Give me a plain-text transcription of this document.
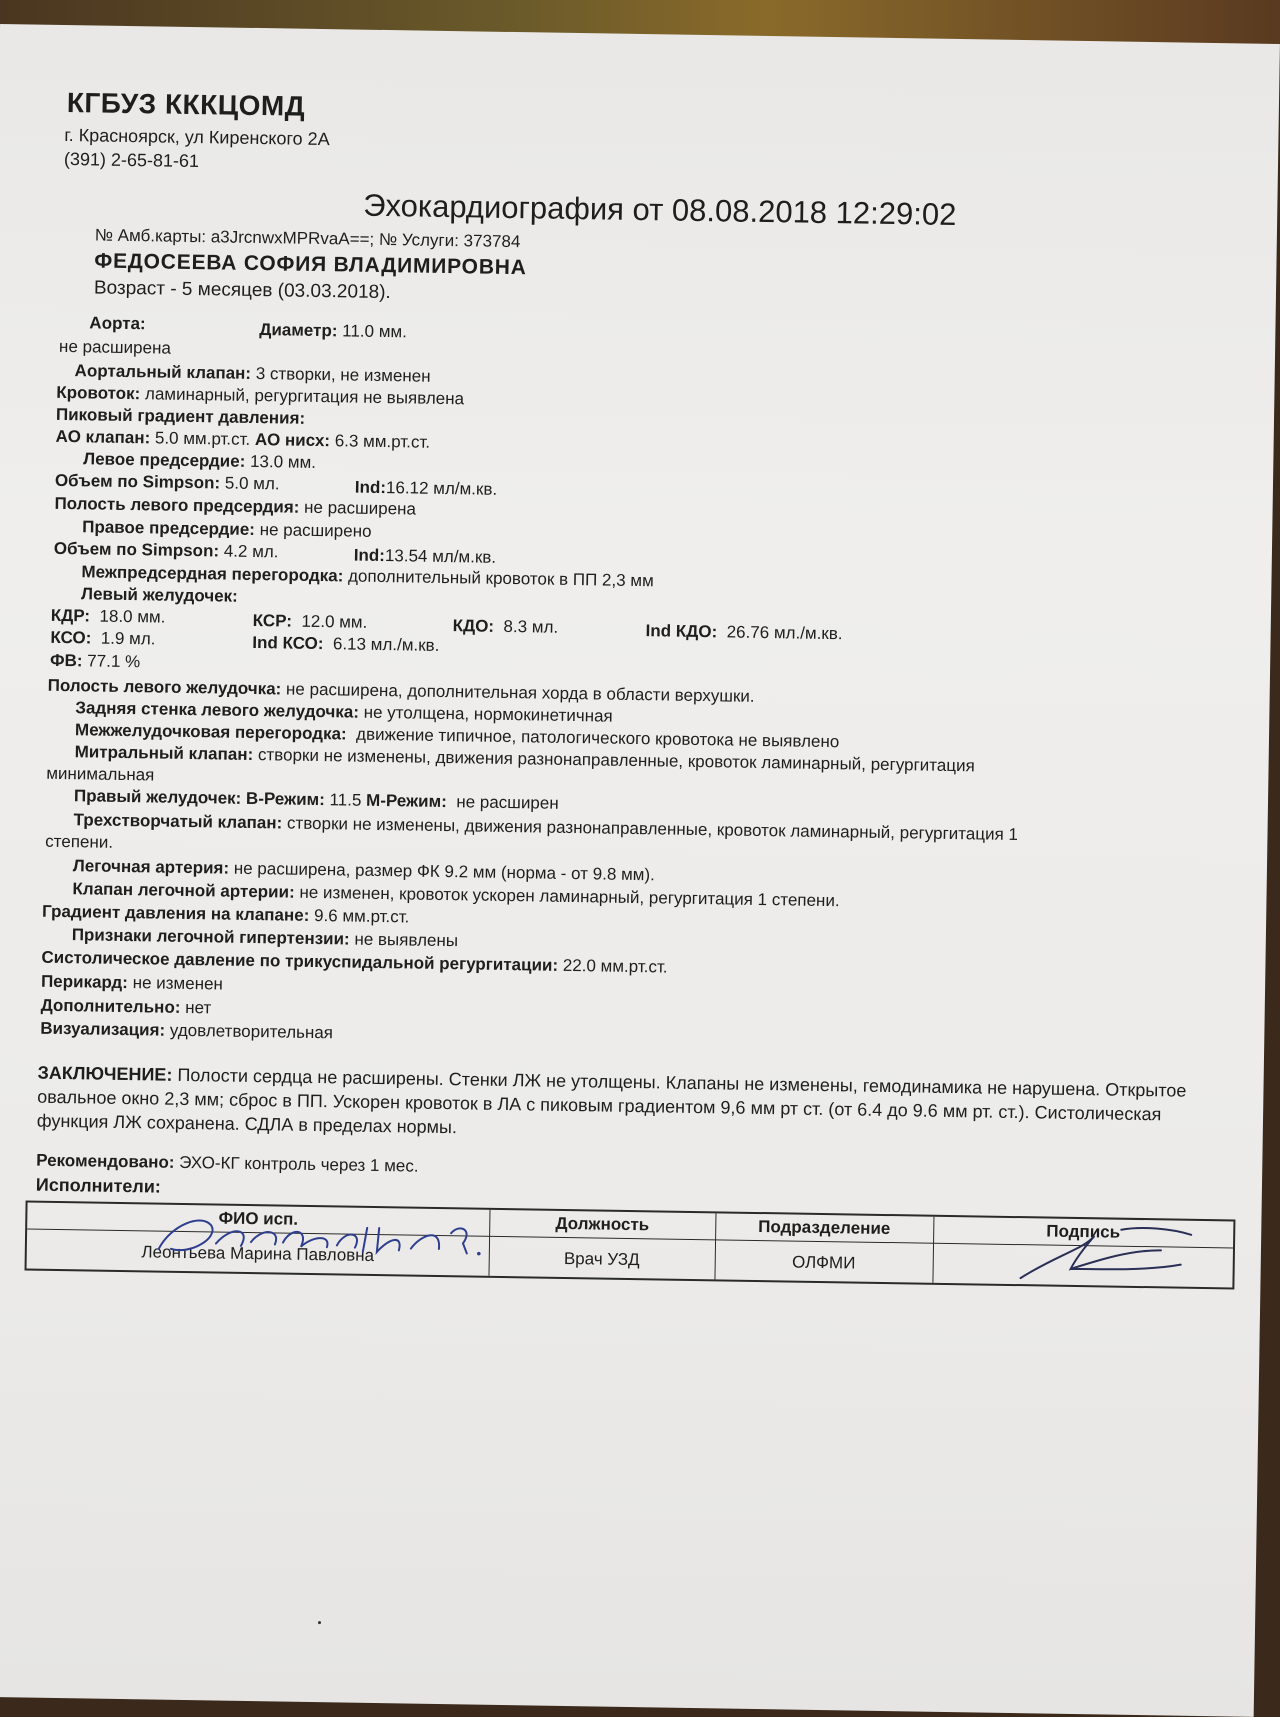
КГБУЗ КККЦОМД
г. Красноярск, ул Киренского 2А
(391) 2-65-81-61
Эхокардиография от 08.08.2018 12:29:02
№ Амб.карты: a3JrcnwxMPRvaA==; № Услуги: 373784
ФЕДОСЕЕВА СОФИЯ ВЛАДИМИРОВНА
Возраст - 5 месяцев (03.03.2018).
Аорта:	Диаметр: 11.0 мм.
не расширена
Аортальный клапан: 3 створки, не изменен
Кровоток: ламинарный, регургитация не выявлена
Пиковый градиент давления:
АО клапан: 5.0 мм.рт.ст. АО нисх: 6.3 мм.рт.ст.
Левое предсердие: 13.0 мм.
Объем по Simpson: 5.0 мл.	Ind:16.12 мл/м.кв.
Полость левого предсердия: не расширена
Правое предсердие: не расширено
Объем по Simpson: 4.2 мл.	Ind:13.54 мл/м.кв.
Межпредсердная перегородка: дополнительный кровоток в ПП 2,3 мм
Левый желудочек:
КДР: 18.0 мм.	КСР: 12.0 мм.	КДО: 8.3 мл.	Ind КДО: 26.76 мл./м.кв.
КСО: 1.9 мл.	Ind КСО: 6.13 мл./м.кв.
ФВ: 77.1 %
Полость левого желудочка: не расширена, дополнительная хорда в области верхушки.
Задняя стенка левого желудочка: не утолщена, нормокинетичная
Межжелудочковая перегородка: движение типичное, патологического кровотока не выявлено
Митральный клапан: створки не изменены, движения разнонаправленные, кровоток ламинарный, регургитация
минимальная
Правый желудочек: В-Режим: 11.5 М-Режим: не расширен
Трехстворчатый клапан: створки не изменены, движения разнонаправленные, кровоток ламинарный, регургитация 1
степени.
Легочная артерия: не расширена, размер ФК 9.2 мм (норма - от 9.8 мм).
Клапан легочной артерии: не изменен, кровоток ускорен ламинарный, регургитация 1 степени.
Градиент давления на клапане: 9.6 мм.рт.ст.
Признаки легочной гипертензии: не выявлены
Систолическое давление по трикуспидальной регургитации: 22.0 мм.рт.ст.
Перикард: не изменен
Дополнительно: нет
Визуализация: удовлетворительная
ЗАКЛЮЧЕНИЕ: Полости сердца не расширены. Стенки ЛЖ не утолщены. Клапаны не изменены, гемодинамика не нарушена. Открытое овальное окно 2,3 мм; сброс в ПП. Ускорен кровоток в ЛА с пиковым градиентом 9,6 мм рт ст. (от 6.4 до 9.6 мм рт. ст.). Систолическая функция ЛЖ сохранена. СДЛА в пределах нормы.
Рекомендовано: ЭХО-КГ контроль через 1 мес.
Исполнители:
ФИО исп.	Должность	Подразделение	Подпись
Леонтьева Марина Павловна	Врач УЗД	ОЛФМИ
